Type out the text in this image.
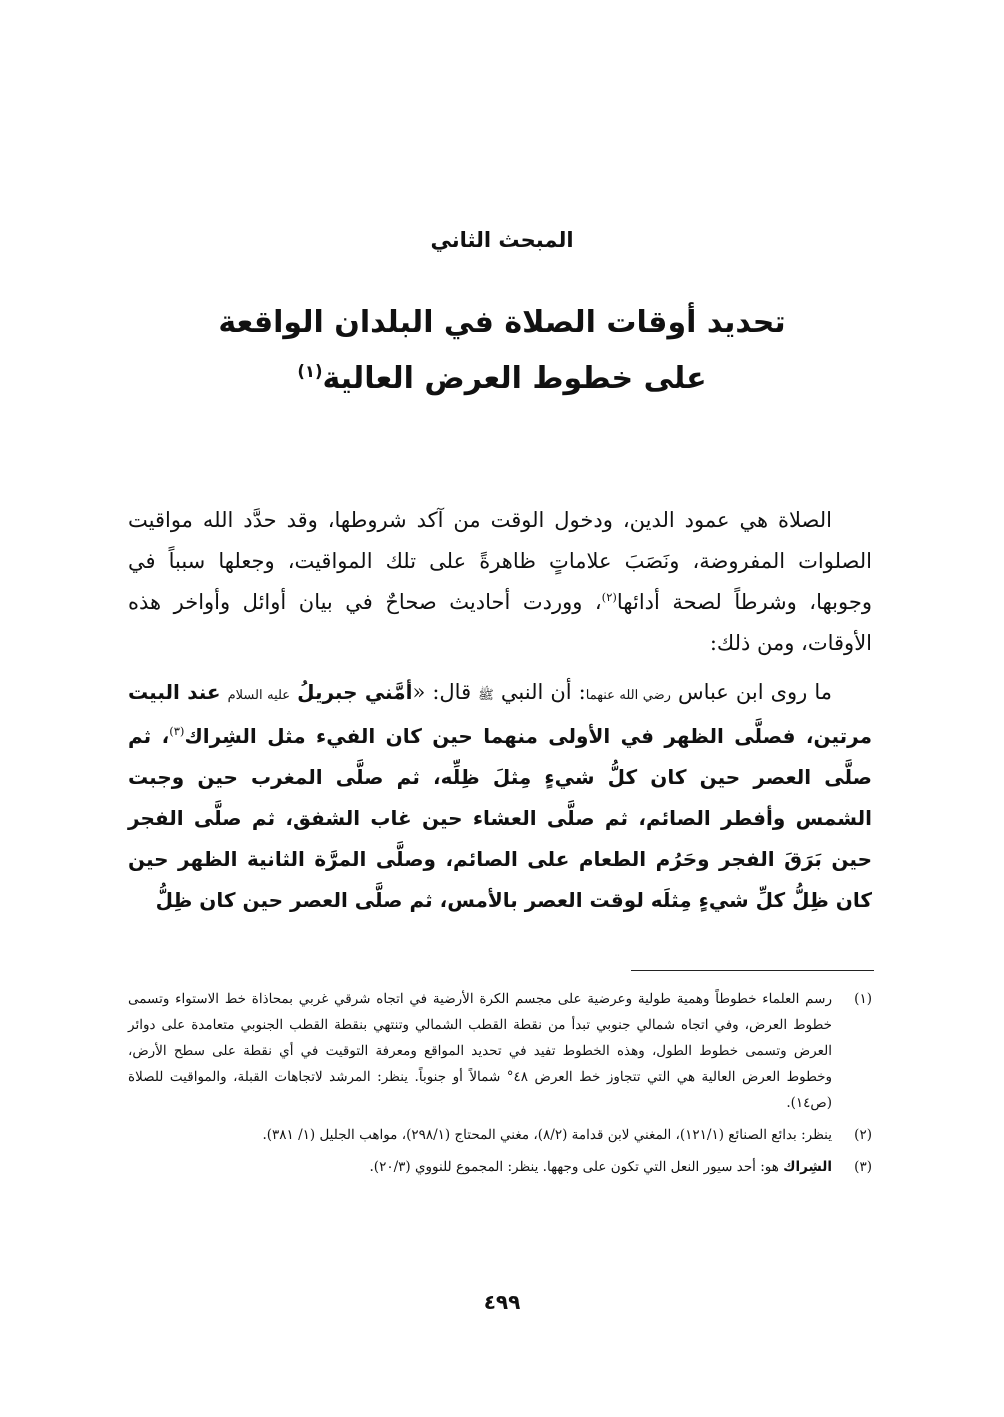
المبحث الثاني
تحديد أوقات الصلاة في البلدان الواقعة
على خطوط العرض العالية$^{(١)}$

الصلاة هي عمود الدين، ودخول الوقت من آكد شروطها، وقد حدَّد الله مواقيت الصلوات المفروضة، ونَصَبَ علاماتٍ ظاهرةً على تلك المواقيت، وجعلها سبباً في وجوبها، وشرطاً لصحة أدائها$^{(٢)}$، ووردت أحاديث صحاحٌ في بيان أوائل وأواخر هذه الأوقات، ومن ذلك:

ما روى ابن عباس رضي الله عنهما: أن النبي ﷺ قال: «أمَّني جبريلُ عليه السلام عند البيت مرتين، فصلَّى الظهر في الأولى منهما حين كان الفيء مثل الشِراك$^{(٣)}$، ثم صلَّى العصر حين كان كلُّ شيءٍ مِثلَ ظِلِّه، ثم صلَّى المغرب حين وجبت الشمس وأفطر الصائم، ثم صلَّى العشاء حين غاب الشفق، ثم صلَّى الفجر حين بَرَقَ الفجر وحَرُم الطعام على الصائم، وصلَّى المرَّة الثانية الظهر حين كان ظِلُّ كلِّ شيءٍ مِثلَه لوقت العصر بالأمس، ثم صلَّى العصر حين كان ظِلُّ

(١)
رسم العلماء خطوطاً وهمية طولية وعرضية على مجسم الكرة الأرضية في اتجاه شرقي غربي بمحاذاة خط الاستواء وتسمى خطوط العرض، وفي اتجاه شمالي جنوبي تبدأ من نقطة القطب الشمالي وتنتهي بنقطة القطب الجنوبي متعامدة على دوائر العرض وتسمى خطوط الطول، وهذه الخطوط تفيد في تحديد المواقع ومعرفة التوقيت في أي نقطة على سطح الأرض، وخطوط العرض العالية هي التي تتجاوز خط العرض ٤٨° شمالاً أو جنوباً. ينظر: المرشد لاتجاهات القبلة، والمواقيت للصلاة (ص١٤).
(٢)
ينظر: بدائع الصنائع (١٢١/١)، المغني لابن قدامة (٨/٢)، مغني المحتاج (٢٩٨/١)، مواهب الجليل (١/ ٣٨١).
(٣)
الشِراك هو: أحد سيور النعل التي تكون على وجهها. ينظر: المجموع للنووي (٢٠/٣).
٤٩٩
